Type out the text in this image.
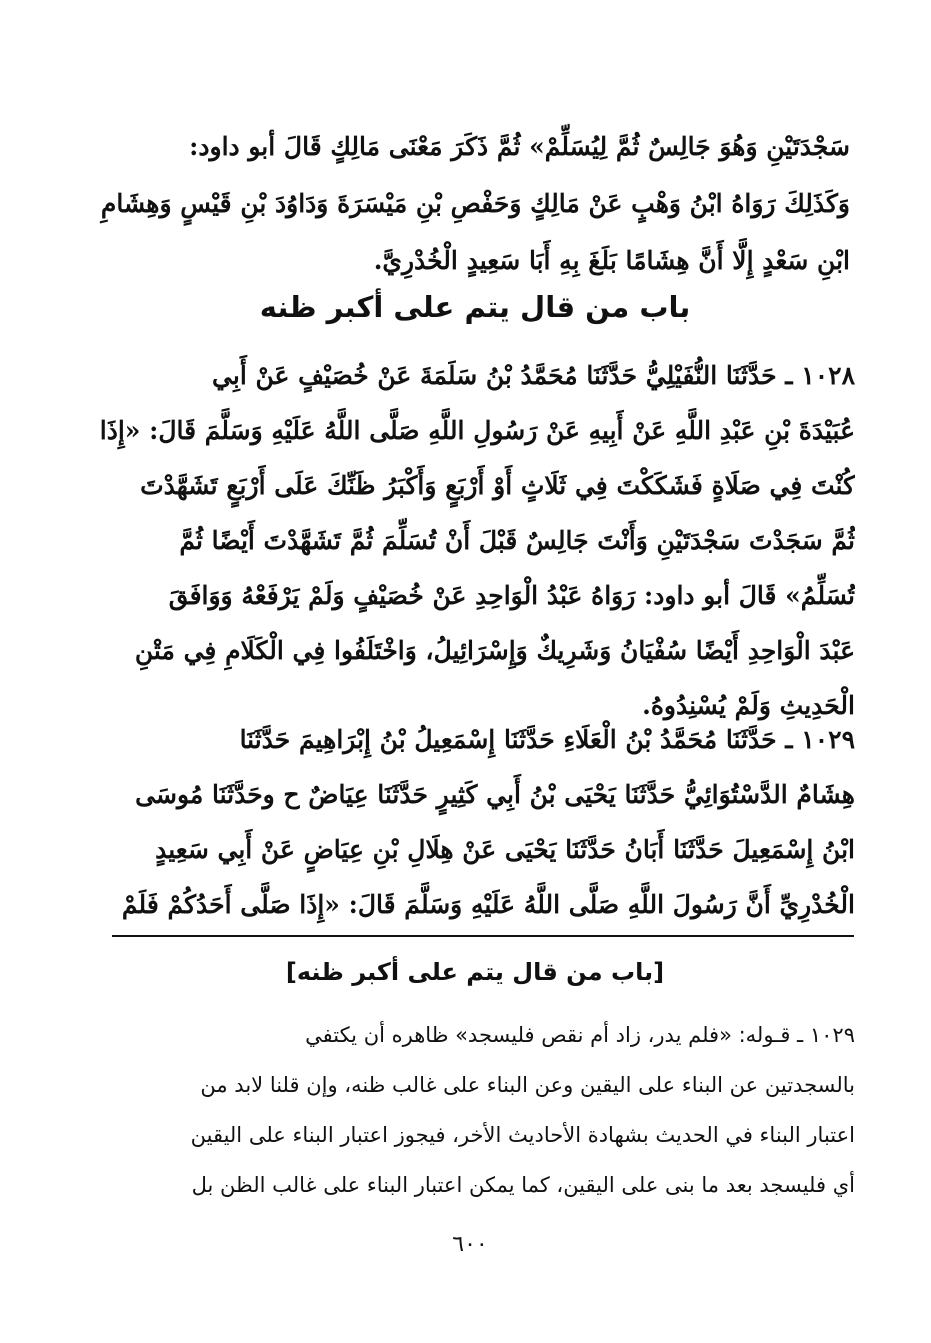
سَجْدَتَيْنِ وَهُوَ جَالِسٌ ثُمَّ لِيُسَلِّمْ» ثُمَّ ذَكَرَ مَعْنَى مَالِكٍ قَالَ أبو داود:
وَكَذَلِكَ رَوَاهُ ابْنُ وَهْبٍ عَنْ مَالِكٍ وَحَفْصِ بْنِ مَيْسَرَةَ وَدَاوُدَ بْنِ قَيْسٍ وَهِشَامِ
ابْنِ سَعْدٍ إِلَّا أَنَّ هِشَامًا بَلَغَ بِهِ أَبَا سَعِيدٍ الْخُدْرِيَّ.
باب من قال يتم على أكبر ظنه
١٠٢٨ ـ حَدَّثَنَا النُّفَيْلِيُّ حَدَّثَنَا مُحَمَّدُ بْنُ سَلَمَةَ عَنْ خُصَيْفٍ عَنْ أَبِي
عُبَيْدَةَ بْنِ عَبْدِ اللَّهِ عَنْ أَبِيهِ عَنْ رَسُولِ اللَّهِ صَلَّى اللَّهُ عَلَيْهِ وَسَلَّمَ قَالَ: «إِذَا
كُنْتَ فِي صَلَاةٍ فَشَكَكْتَ فِي ثَلَاثٍ أَوْ أَرْبَعٍ وَأَكْبَرُ ظَنِّكَ عَلَى أَرْبَعٍ تَشَهَّدْتَ
ثُمَّ سَجَدْتَ سَجْدَتَيْنِ وَأَنْتَ جَالِسٌ قَبْلَ أَنْ تُسَلِّمَ ثُمَّ تَشَهَّدْتَ أَيْضًا ثُمَّ
تُسَلِّمُ» قَالَ أبو داود: رَوَاهُ عَبْدُ الْوَاحِدِ عَنْ خُصَيْفٍ وَلَمْ يَرْفَعْهُ وَوَافَقَ
عَبْدَ الْوَاحِدِ أَيْضًا سُفْيَانُ وَشَرِيكٌ وَإِسْرَائِيلُ، وَاخْتَلَفُوا فِي الْكَلَامِ فِي مَتْنِ
الْحَدِيثِ وَلَمْ يُسْنِدُوهُ.
١٠٢٩ ـ حَدَّثَنَا مُحَمَّدُ بْنُ الْعَلَاءِ حَدَّثَنَا إِسْمَعِيلُ بْنُ إِبْرَاهِيمَ حَدَّثَنَا
هِشَامٌ الدَّسْتُوَائِيُّ حَدَّثَنَا يَحْيَى بْنُ أَبِي كَثِيرٍ حَدَّثَنَا عِيَاضٌ ح وحَدَّثَنَا مُوسَى
ابْنُ إِسْمَعِيلَ حَدَّثَنَا أَبَانُ حَدَّثَنَا يَحْيَى عَنْ هِلَالِ بْنِ عِيَاضٍ عَنْ أَبِي سَعِيدٍ
الْخُدْرِيِّ أَنَّ رَسُولَ اللَّهِ صَلَّى اللَّهُ عَلَيْهِ وَسَلَّمَ قَالَ: «إِذَا صَلَّى أَحَدُكُمْ فَلَمْ
[باب من قال يتم على أكبر ظنه]
١٠٢٩ ـ قـوله: «فلم يدر، زاد أم نقص فليسجد» ظاهره أن يكتفي
بالسجدتين عن البناء على اليقين وعن البناء على غالب ظنه، وإن قلنا لابد من
اعتبار البناء في الحديث بشهادة الأحاديث الأخر، فيجوز اعتبار البناء على اليقين
أي فليسجد بعد ما بنى على اليقين، كما يمكن اعتبار البناء على غالب الظن بل
٦٠٠
